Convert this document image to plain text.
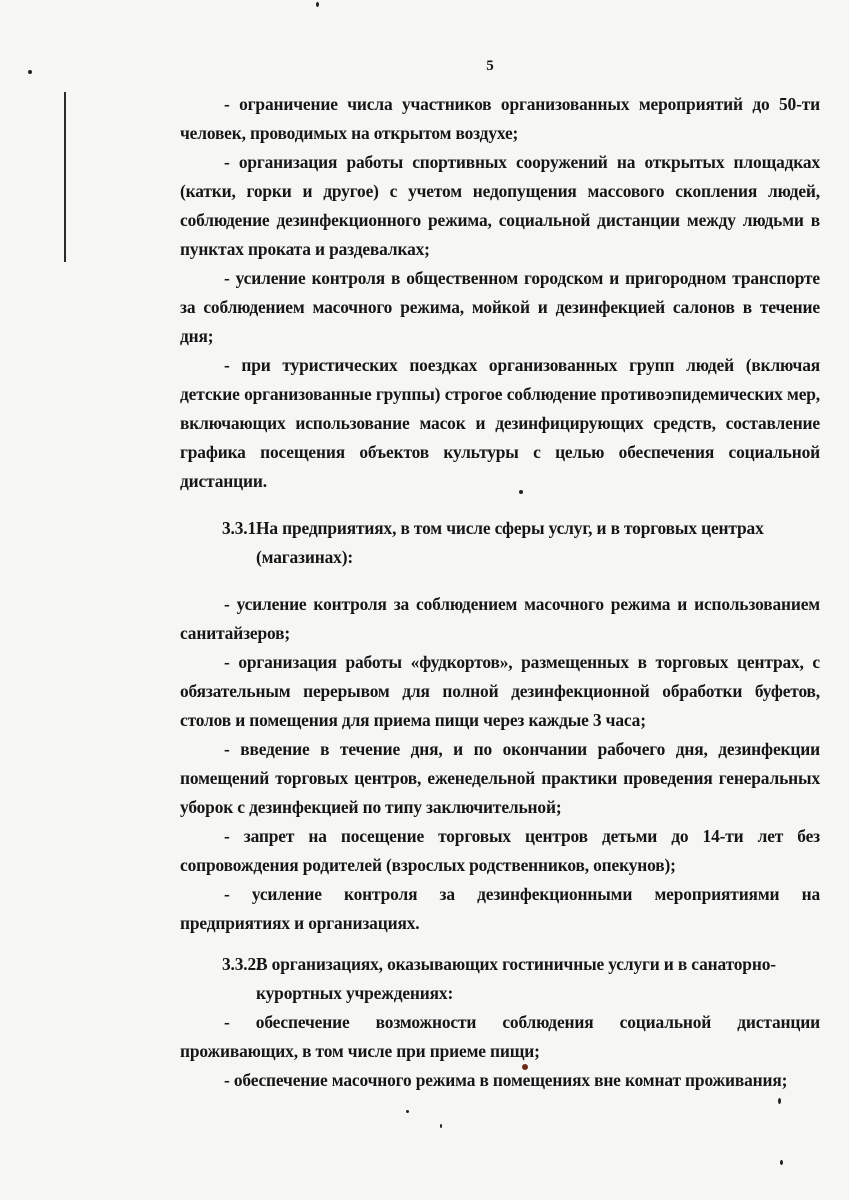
5

- ограничение числа участников организованных мероприятий до 50-ти человек, проводимых на открытом воздухе;

- организация работы спортивных сооружений на открытых площадках (катки, горки и другое) с учетом недопущения массового скопления людей, соблюдение дезинфекционного режима, социальной дистанции между людьми в пунктах проката и раздевалках;

- усиление контроля в общественном городском и пригородном транспорте за соблюдением масочного режима, мойкой и дезинфекцией салонов в течение дня;

- при туристических поездках организованных групп людей (включая детские организованные группы) строгое соблюдение противоэпидемических мер, включающих использование масок и дезинфицирующих средств, составление графика посещения объектов культуры с целью обеспечения социальной дистанции.

3.3.1На предприятиях, в том числе сферы услуг, и в торговых центрах (магазинах):

- усиление контроля за соблюдением масочного режима и использованием санитайзеров;

- организация работы «фудкортов», размещенных в торговых центрах, с обязательным перерывом для полной дезинфекционной обработки буфетов, столов и помещения для приема пищи через каждые 3 часа;

- введение в течение дня, и по окончании рабочего дня, дезинфекции помещений торговых центров, еженедельной практики проведения генеральных уборок с дезинфекцией по типу заключительной;

- запрет на посещение торговых центров детьми до 14-ти лет без сопровождения родителей (взрослых родственников, опекунов);

- усиление контроля за дезинфекционными мероприятиями на предприятиях и организациях.

3.3.2.В организациях, оказывающих гостиничные услуги и в санаторно-курортных учреждениях:

- обеспечение возможности соблюдения социальной дистанции проживающих, в том числе при приеме пищи;

- обеспечение масочного режима в помещениях вне комнат проживания;
